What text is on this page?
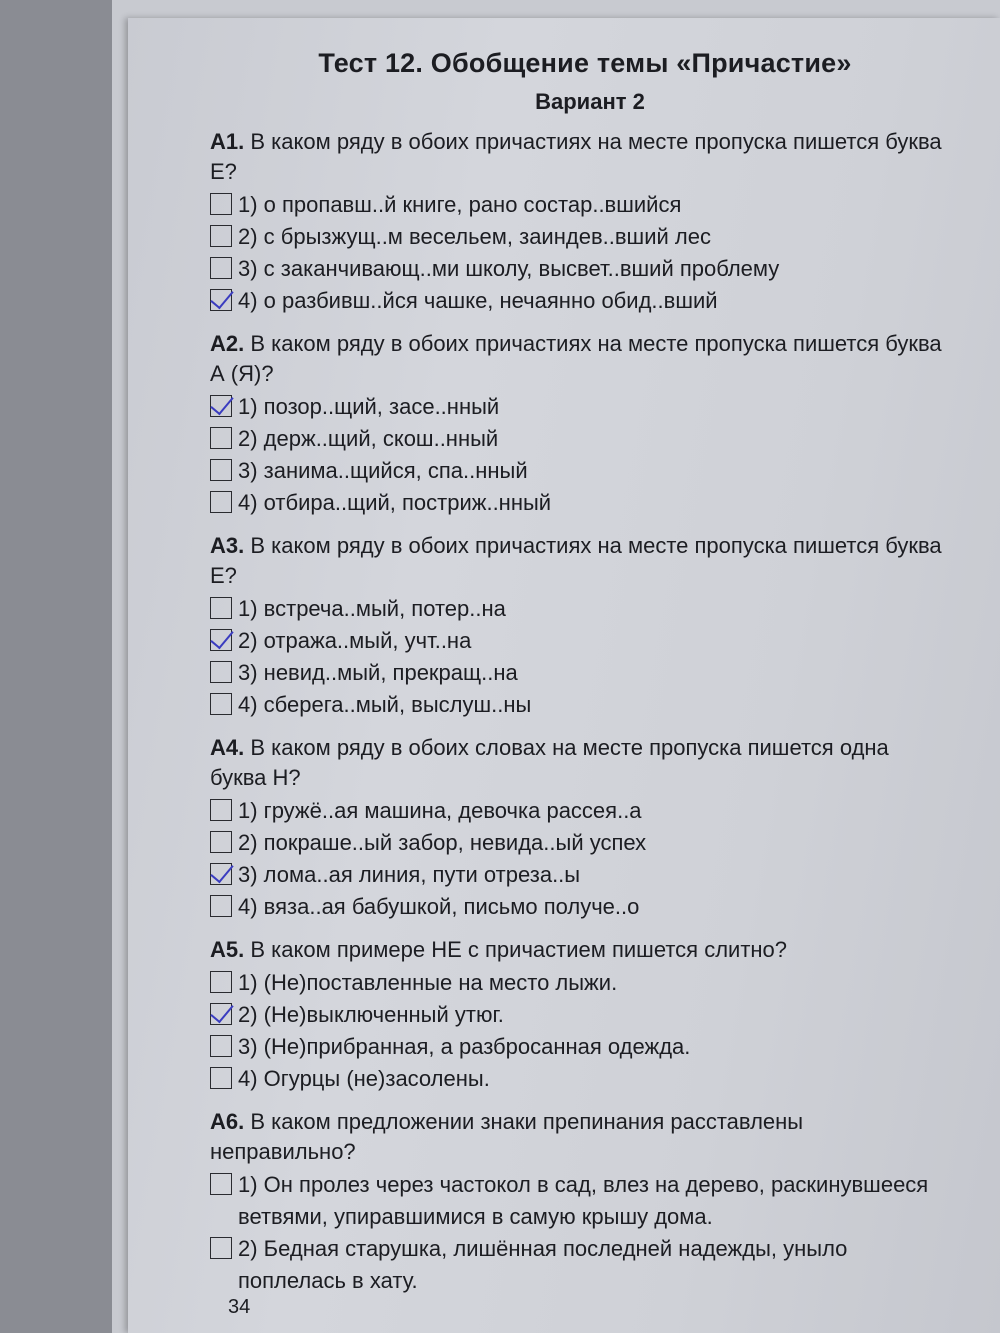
Тест 12. Обобщение темы «Причастие»
Вариант 2
А1. В каком ряду в обоих причастиях на месте пропуска пишется буква Е?
1) о пропавш..й книге, рано состар..вшийся
2) с брызжущ..м весельем, заиндев..вший лес
3) с заканчивающ..ми школу, высвет..вший проблему
4) о разбивш..йся чашке, нечаянно обид..вший
А2. В каком ряду в обоих причастиях на месте пропуска пишется буква А (Я)?
1) позор..щий, засе..нный
2) держ..щий, скош..нный
3) занима..щийся, спа..нный
4) отбира..щий, постриж..нный
А3. В каком ряду в обоих причастиях на месте пропуска пишется буква Е?
1) встреча..мый, потер..на
2) отража..мый, учт..на
3) невид..мый, прекращ..на
4) сберега..мый, выслуш..ны
А4. В каком ряду в обоих словах на месте пропуска пишется одна буква Н?
1) гружё..ая машина, девочка рассея..а
2) покраше..ый забор, невида..ый успех
3) лома..ая линия, пути отреза..ы
4) вяза..ая бабушкой, письмо получе..о
А5. В каком примере НЕ с причастием пишется слитно?
1) (Не)поставленные на место лыжи.
2) (Не)выключенный утюг.
3) (Не)прибранная, а разбросанная одежда.
4) Огурцы (не)засолены.
А6. В каком предложении знаки препинания расставлены неправильно?
1) Он пролез через частокол в сад, влез на дерево, раскинувшееся ветвями, упиравшимися в самую крышу дома.
2) Бедная старушка, лишённая последней надежды, уныло поплелась в хату.
34
